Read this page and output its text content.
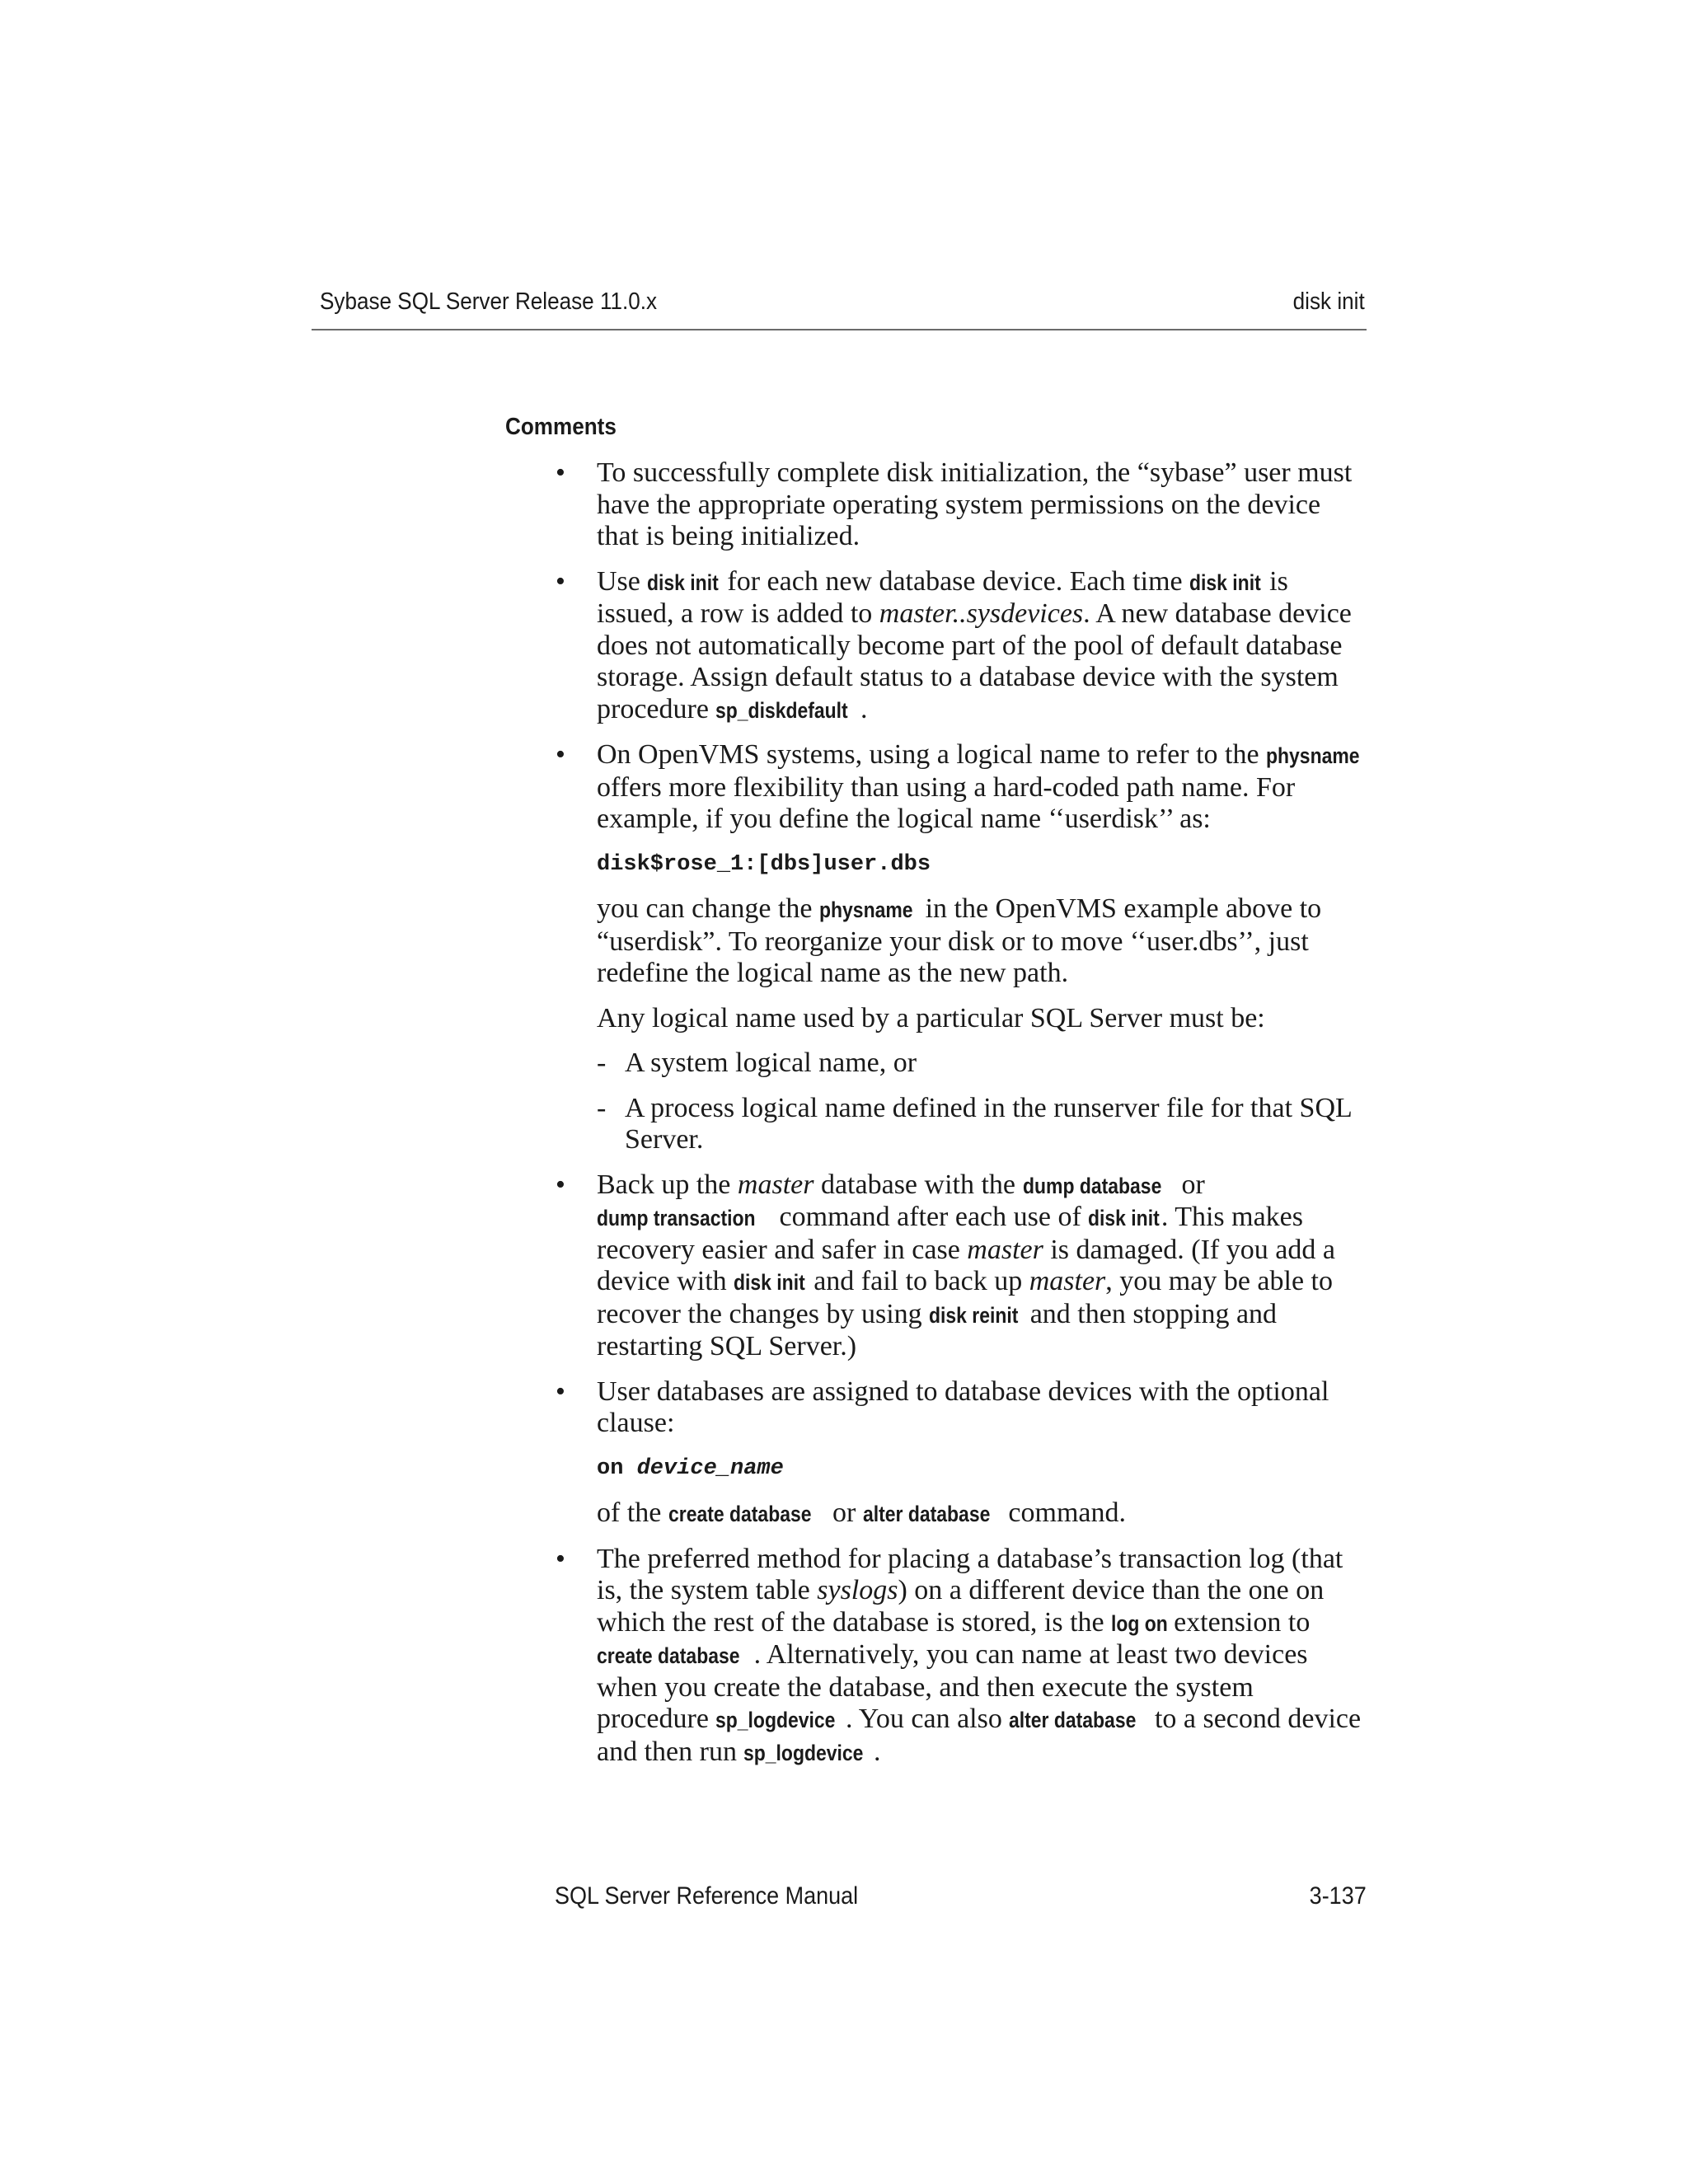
Sybase SQL Server Release 11.0.x	disk init
Comments
• To successfully complete disk initialization, the “sybase” user must have the appropriate operating system permissions on the device that is being initialized.

• Use disk init for each new database device. Each time disk init is issued, a row is added to master..sysdevices. A new database device does not automatically become part of the pool of default database storage. Assign default status to a database device with the system procedure sp_diskdefault .

• On OpenVMS systems, using a logical name to refer to the physname offers more flexibility than using a hard-coded path name. For example, if you define the logical name ‘‘userdisk’’ as:

disk$rose_1:[dbs]user.dbs

you can change the physname in the OpenVMS example above to “userdisk”. To reorganize your disk or to move ‘‘user.dbs’’, just redefine the logical name as the new path.

Any logical name used by a particular SQL Server must be:

- A system logical name, or

- A process logical name defined in the runserver file for that SQL Server.

• Back up the master database with the dump database or dump transaction command after each use of disk init. This makes recovery easier and safer in case master is damaged. (If you add a device with disk init and fail to back up master, you may be able to recover the changes by using disk reinit and then stopping and restarting SQL Server.)

• User databases are assigned to database devices with the optional clause:

on device_name

of the create database or alter database command.

• The preferred method for placing a database’s transaction log (that is, the system table syslogs) on a different device than the one on which the rest of the database is stored, is the log on extension to create database . Alternatively, you can name at least two devices when you create the database, and then execute the system procedure sp_logdevice . You can also alter database to a second device and then run sp_logdevice .

SQL Server Reference Manual	3-137
